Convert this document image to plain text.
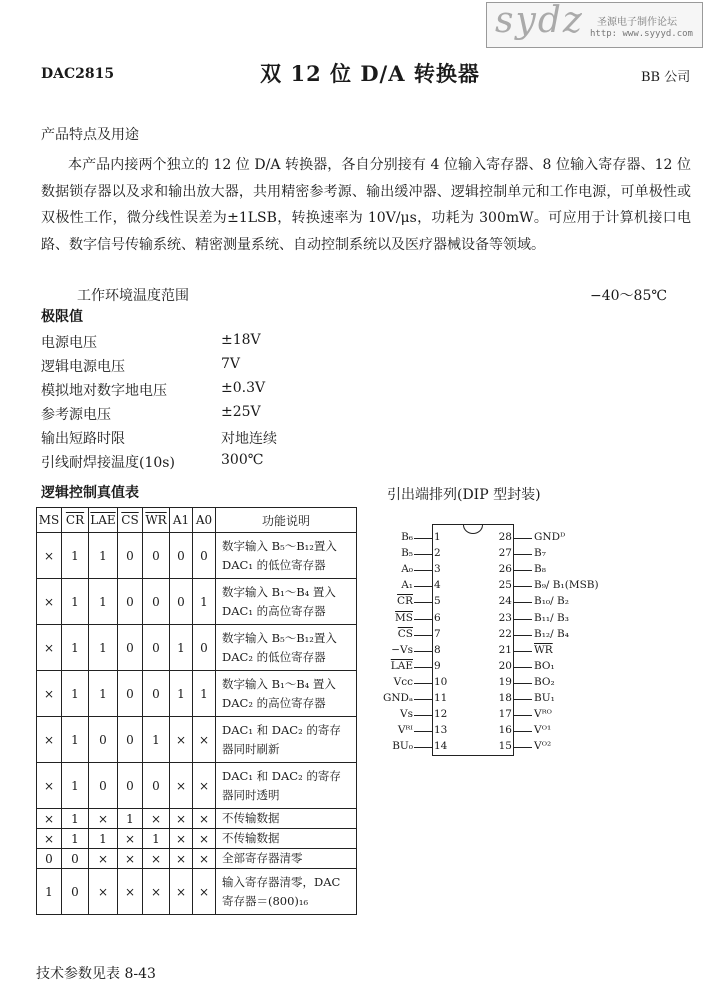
sydz 圣源电子制作论坛
http: www.syyyd.com
DAC2815	双 12 位 D/A 转换器	BB 公司
产品特点及用途
本产品内接两个独立的 12 位 D/A 转换器，各自分别接有 4 位输入寄存器、8 位输入寄存器、12 位数据锁存器以及求和输出放大器，共用精密参考源、输出缓冲器、逻辑控制单元和工作电源，可单极性或双极性工作，微分线性误差为±1LSB，转换速率为 10V/μs，功耗为 300mW。可应用于计算机接口电路、数字信号传输系统、精密测量系统、自动控制系统以及医疗器械设备等领域。
工作环境温度范围	−40～85℃
极限值
电源电压	±18V
逻辑电源电压	7V
模拟地对数字地电压	±0.3V
参考源电压	±25V
输出短路时限	对地连续
引线耐焊接温度(10s)	300℃
逻辑控制真值表
MS	$\overline{CR}$	$\overline{LAE}$	$\overline{CS}$	$\overline{WR}$	A1	A0	功能说明
×	1	1	0	0	0	0	数字输入 B₅～B₁₂置入
DAC₁ 的低位寄存器

×	1	1	0	0	0	1	数字输入 B₁～B₄ 置入
DAC₁ 的高位寄存器

×	1	1	0	0	1	0	数字输入 B₅～B₁₂置入
DAC₂ 的低位寄存器

×	1	1	0	0	1	1	数字输入 B₁～B₄ 置入
DAC₂ 的高位寄存器

×	1	0	0	1	×	×	DAC₁ 和 DAC₂ 的寄存
器同时刷新

×	1	0	0	0	×	×	DAC₁ 和 DAC₂ 的寄存
器同时透明

×	1	×	1	×	×	×	不传输数据

×	1	1	×	1	×	×	不传输数据

0	0	×	×	×	×	×	全部寄存器清零

1	0	×	×	×	×	×	输入寄存器清零，DAC
寄存器＝(800)₁₆
技术参数见表 8-43
引出端排列(DIP 型封装)
B₆ 1
B₅ 2
A₀ 3
A₁ 4
$\overline{CR}$ 5
$\overline{MS}$ 6
$\overline{CS}$ 7
−Vs 8
$\overline{LAE}$ 9
Vcc 10
GNDₐ 11
Vs 12
Vᴿᴵ 13
BU₀ 14
28 GNDᴰ
27 B₇
26 B₈
25 B₉/ B₁(MSB)
24 B₁₀/ B₂
23 B₁₁/ B₃
22 B₁₂/ B₄
21 $\overline{WR}$
20 BO₁
19 BO₂
18 BU₁
17 Vᴿᴼ
16 Vᴼ¹
15 Vᴼ²
